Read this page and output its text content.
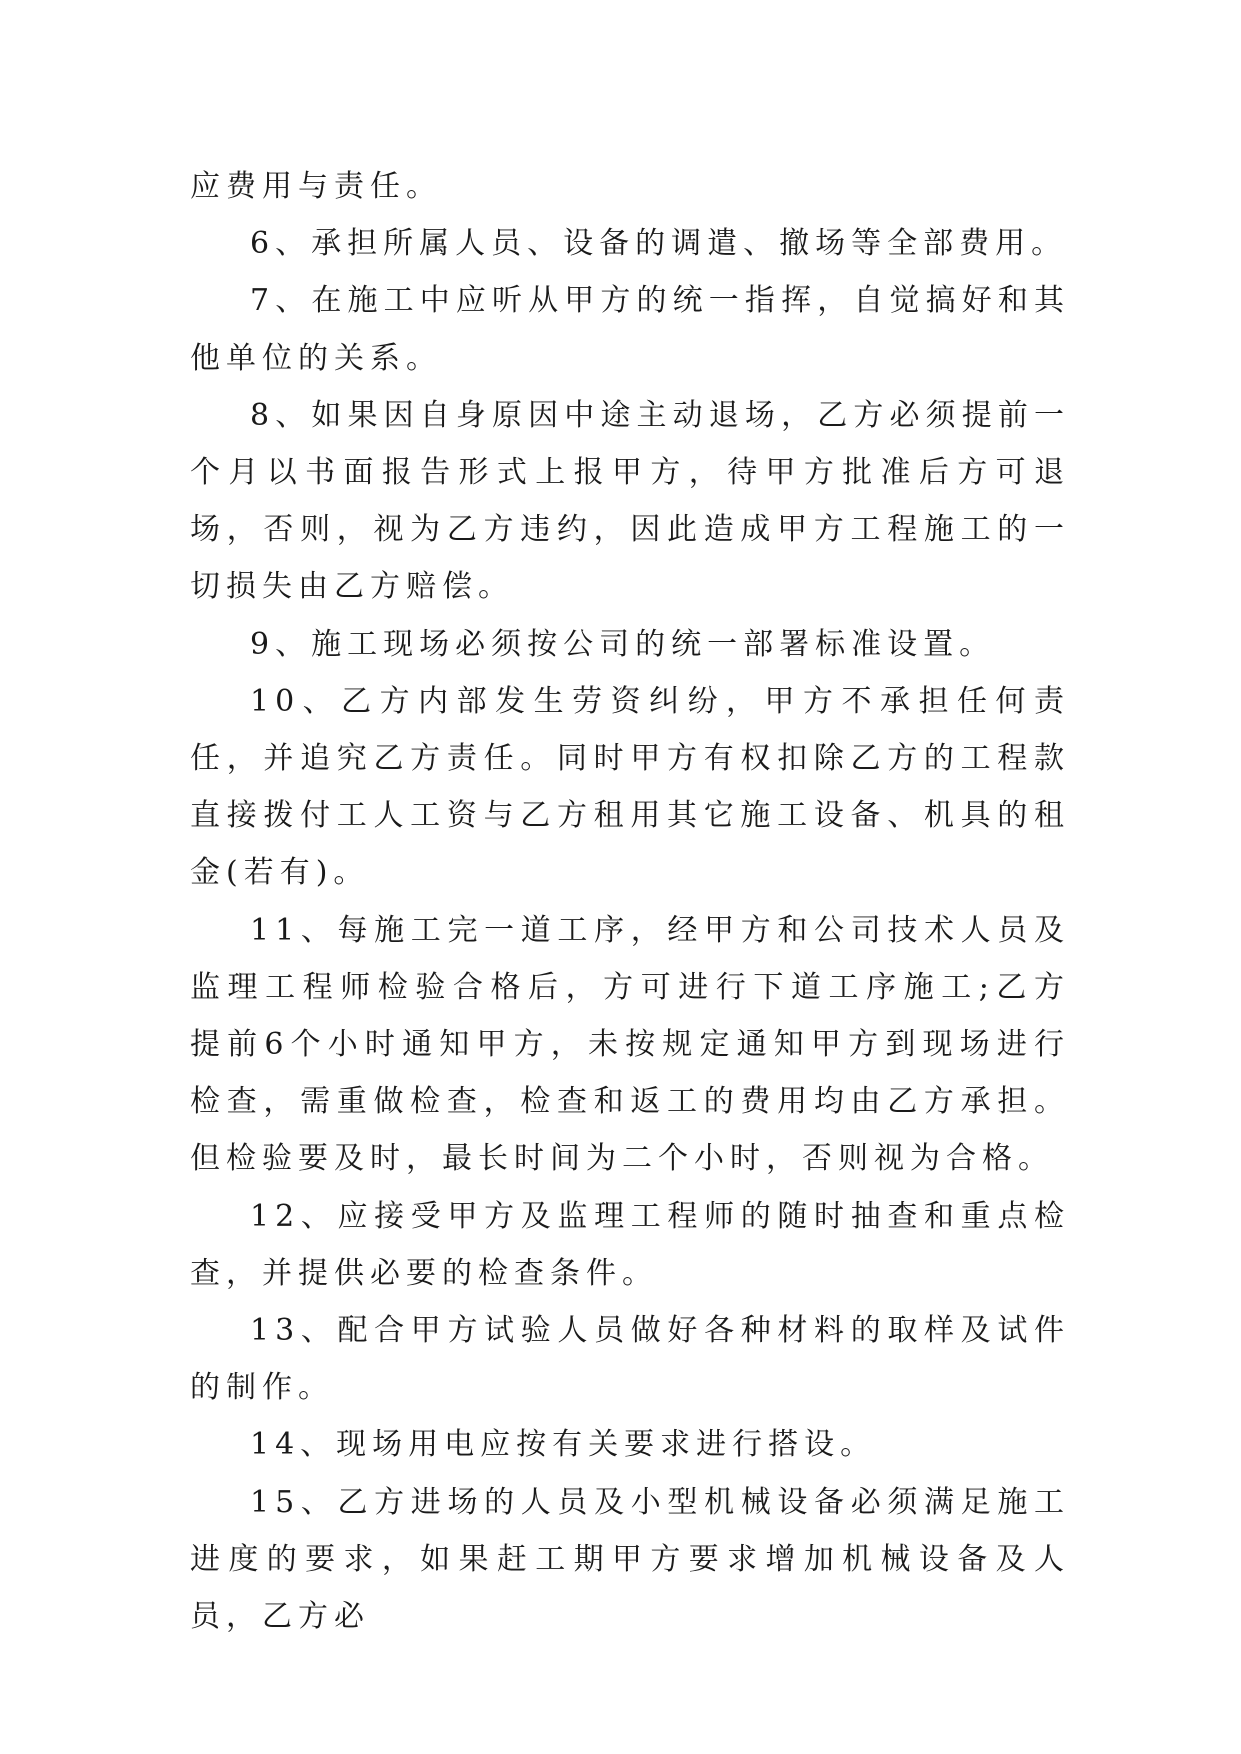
应费用与责任。

6、承担所属人员、设备的调遣、撤场等全部费用。

7、在施工中应听从甲方的统一指挥，自觉搞好和其他单位的关系。

8、如果因自身原因中途主动退场，乙方必须提前一个月以书面报告形式上报甲方，待甲方批准后方可退场，否则，视为乙方违约，因此造成甲方工程施工的一切损失由乙方赔偿。

9、施工现场必须按公司的统一部署标准设置。

10、乙方内部发生劳资纠纷，甲方不承担任何责任，并追究乙方责任。同时甲方有权扣除乙方的工程款直接拨付工人工资与乙方租用其它施工设备、机具的租金(若有)。

11、每施工完一道工序，经甲方和公司技术人员及监理工程师检验合格后，方可进行下道工序施工;乙方提前6个小时通知甲方，未按规定通知甲方到现场进行检查，需重做检查，检查和返工的费用均由乙方承担。但检验要及时，最长时间为二个小时，否则视为合格。

12、应接受甲方及监理工程师的随时抽查和重点检查，并提供必要的检查条件。

13、配合甲方试验人员做好各种材料的取样及试件的制作。

14、现场用电应按有关要求进行搭设。

15、乙方进场的人员及小型机械设备必须满足施工进度的要求，如果赶工期甲方要求增加机械设备及人员，乙方必
